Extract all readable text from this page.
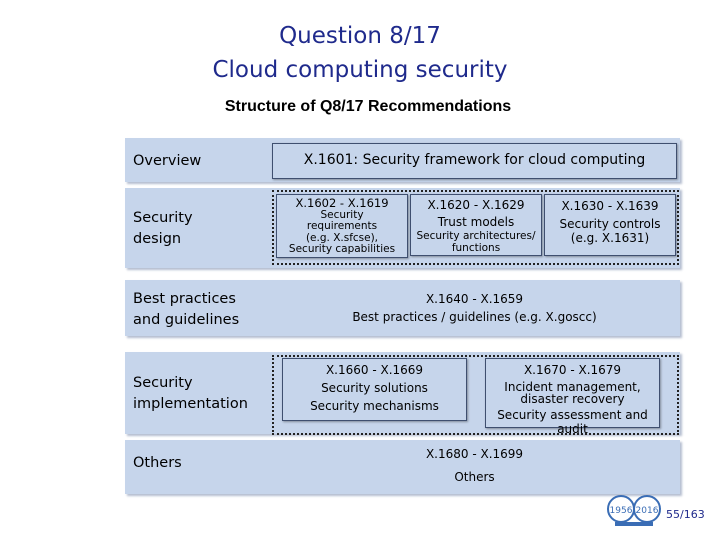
Question 8/17
Cloud computing security
Structure of Q8/17 Recommendations
Overview
Security
design
Best practices
and guidelines
Security
implementation
Others
X.1601: Security framework for cloud computing
X.1602 - X.1619
Security
requirements
(e.g. X.sfcse),
Security capabilities
X.1620 - X.1629
Trust models
Security architectures/
functions
X.1630 - X.1639
Security controls
(e.g. X.1631)
X.1640 - X.1659
Best practices / guidelines (e.g. X.goscc)
X.1660 - X.1669
Security solutions
Security mechanisms
X.1670 - X.1679
Incident management,
disaster recovery
Security assessment and audit
X.1680 - X.1699
Others
1956 2016 55/163
